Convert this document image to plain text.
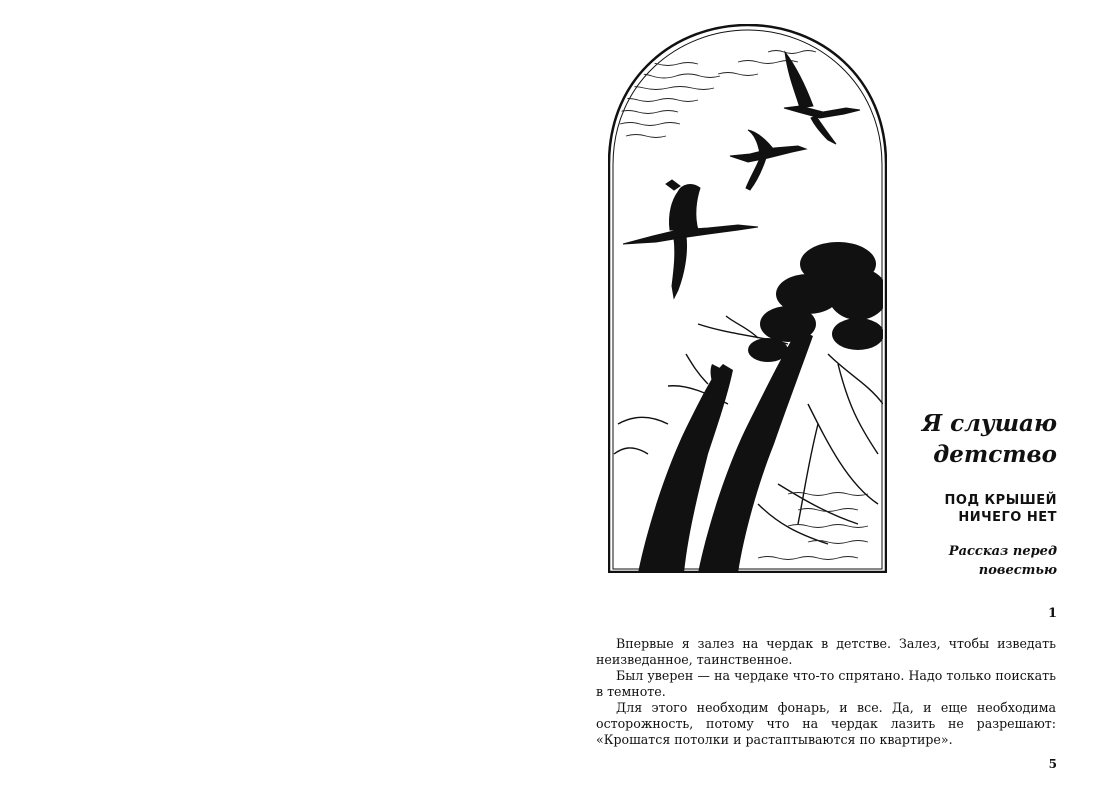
Я слушаю
детство
ПОД КРЫШЕЙ
НИЧЕГО НЕТ
Рассказ перед
повестью
1

Впервые я залез на чердак в детстве. Залез, чтобы изведать неизведанное, таинственное.

Был уверен — на чердаке что-то спрятано. Надо только поискать в темноте.

Для этого необходим фонарь, и все. Да, и еще необходима осторожность, потому что на чердак лазить не разрешают: «Крошатся потолки и растаптываются по квартире».

5
